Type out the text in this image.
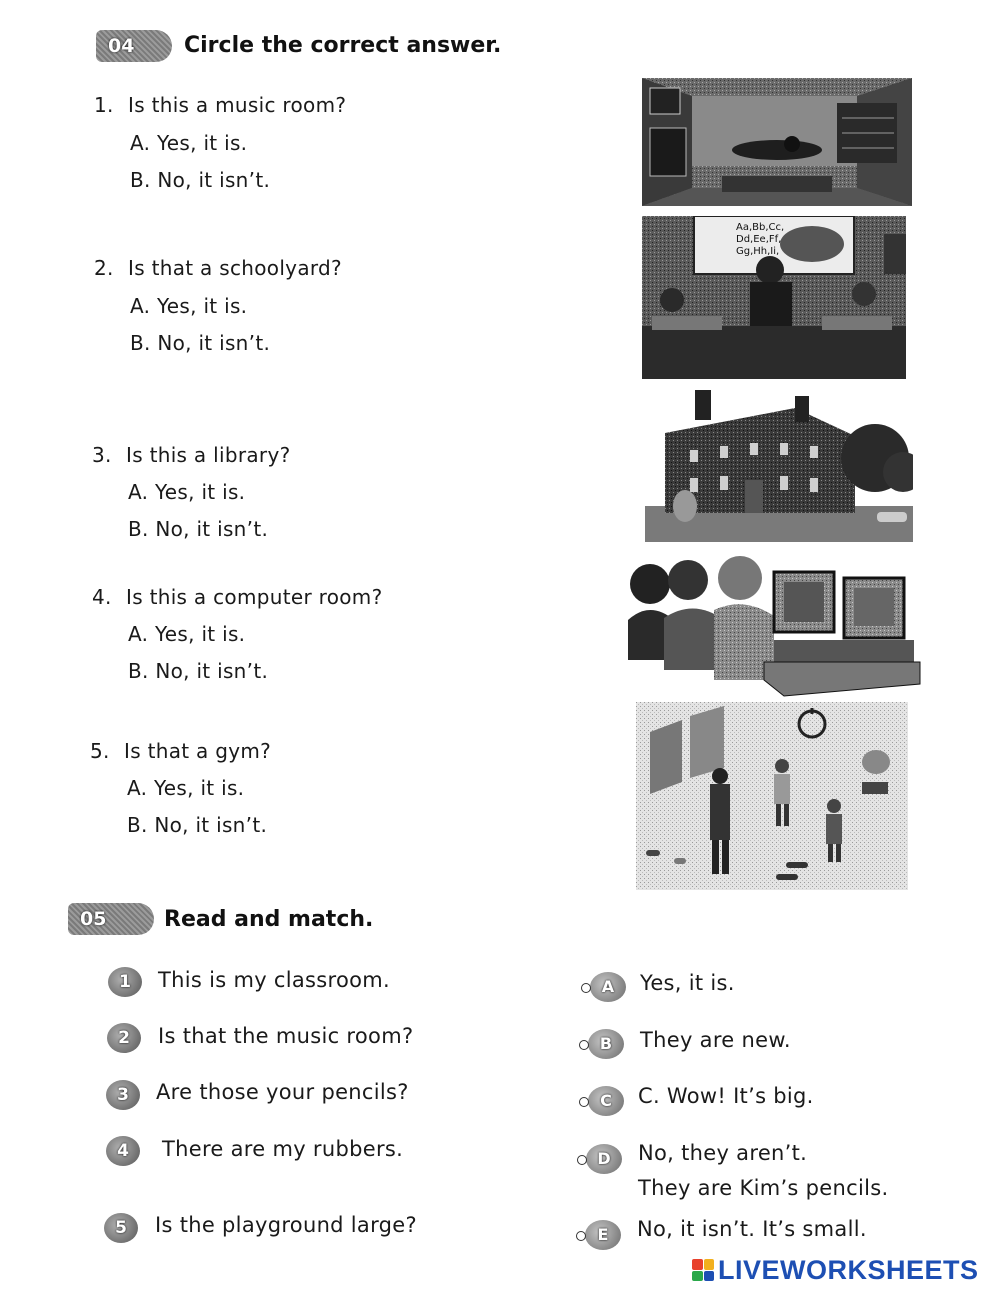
04	Circle the correct answer.
1. Is this a music room?
A. Yes, it is.
B. No, it isn’t.
2. Is that a schoolyard?
A. Yes, it is.
B. No, it isn’t.
3. Is this a library?
A. Yes, it is.
B. No, it isn’t.
4. Is this a computer room?
A. Yes, it is.
B. No, it isn’t.
5. Is that a gym?
A. Yes, it is.
B. No, it isn’t.
Aa,Bb,Cc, Dd,Ee,Ff, Gg,Hh,Ii,
05	Read and match.
1	This is my classroom.
2	Is that the music room?
3	Are those your pencils?
4	There are my rubbers.
5	Is the playground large?
A	Yes, it is.
B	They are new.
C	C. Wow! It’s big.
D	No, they aren’t.
They are Kim’s pencils.
E	No, it isn’t. It’s small.
LIVEWORKSHEETS
